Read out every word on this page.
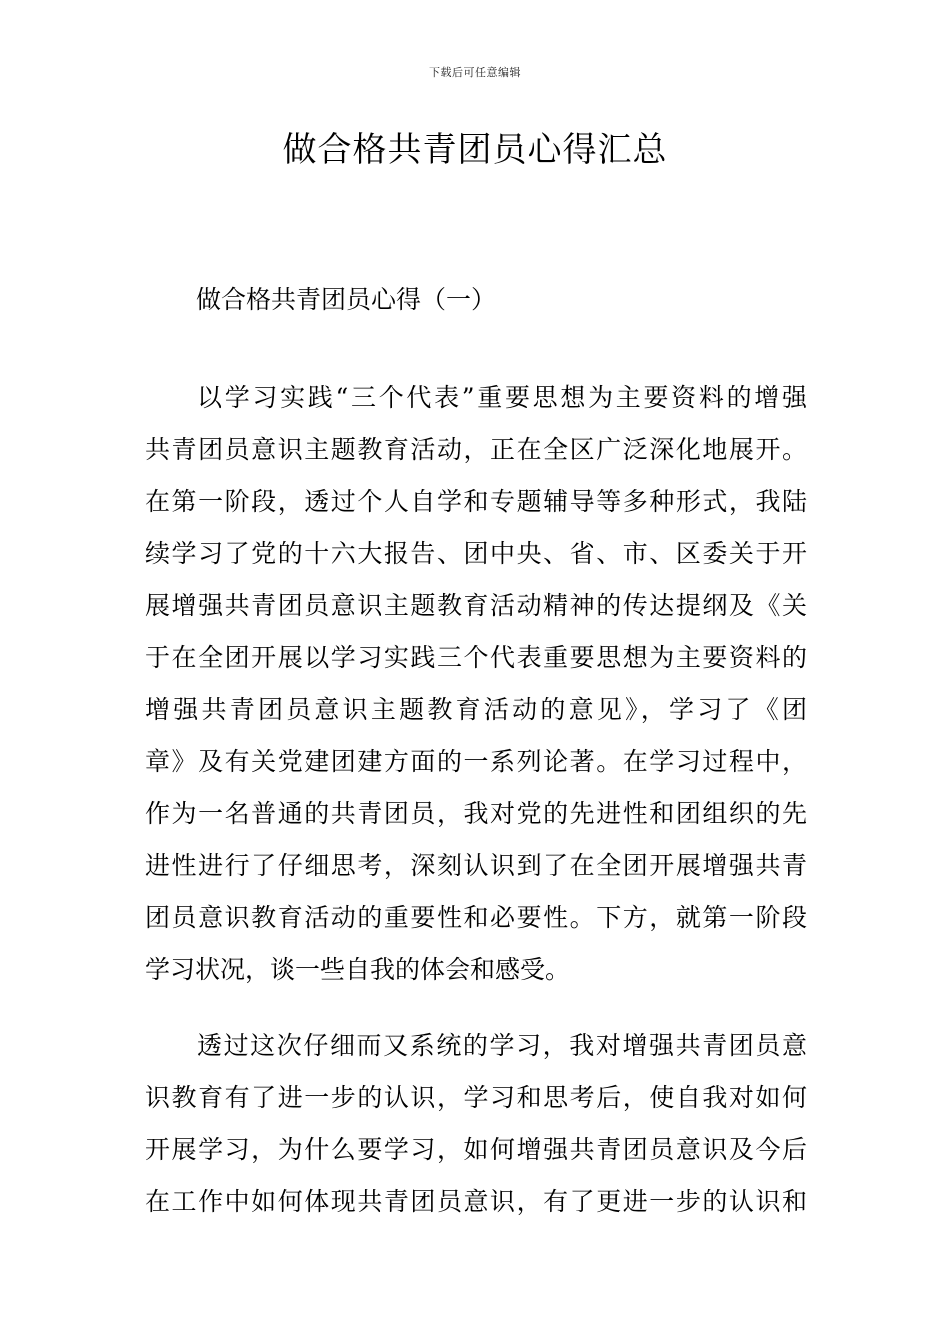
下载后可任意编辑
做合格共青团员心得汇总
做合格共青团员心得（一）
以学习实践“三个代表”重要思想为主要资料的增强
共青团员意识主题教育活动，正在全区广泛深化地展开。
在第一阶段，透过个人自学和专题辅导等多种形式，我陆
续学习了党的十六大报告、团中央、省、市、区委关于开
展增强共青团员意识主题教育活动精神的传达提纲及《关
于在全团开展以学习实践三个代表重要思想为主要资料的
增强共青团员意识主题教育活动的意见》，学习了《团
章》及有关党建团建方面的一系列论著。在学习过程中，
作为一名普通的共青团员，我对党的先进性和团组织的先
进性进行了仔细思考，深刻认识到了在全团开展增强共青
团员意识教育活动的重要性和必要性。下方，就第一阶段
学习状况，谈一些自我的体会和感受。
透过这次仔细而又系统的学习，我对增强共青团员意
识教育有了进一步的认识，学习和思考后，使自我对如何
开展学习，为什么要学习，如何增强共青团员意识及今后
在工作中如何体现共青团员意识，有了更进一步的认识和
